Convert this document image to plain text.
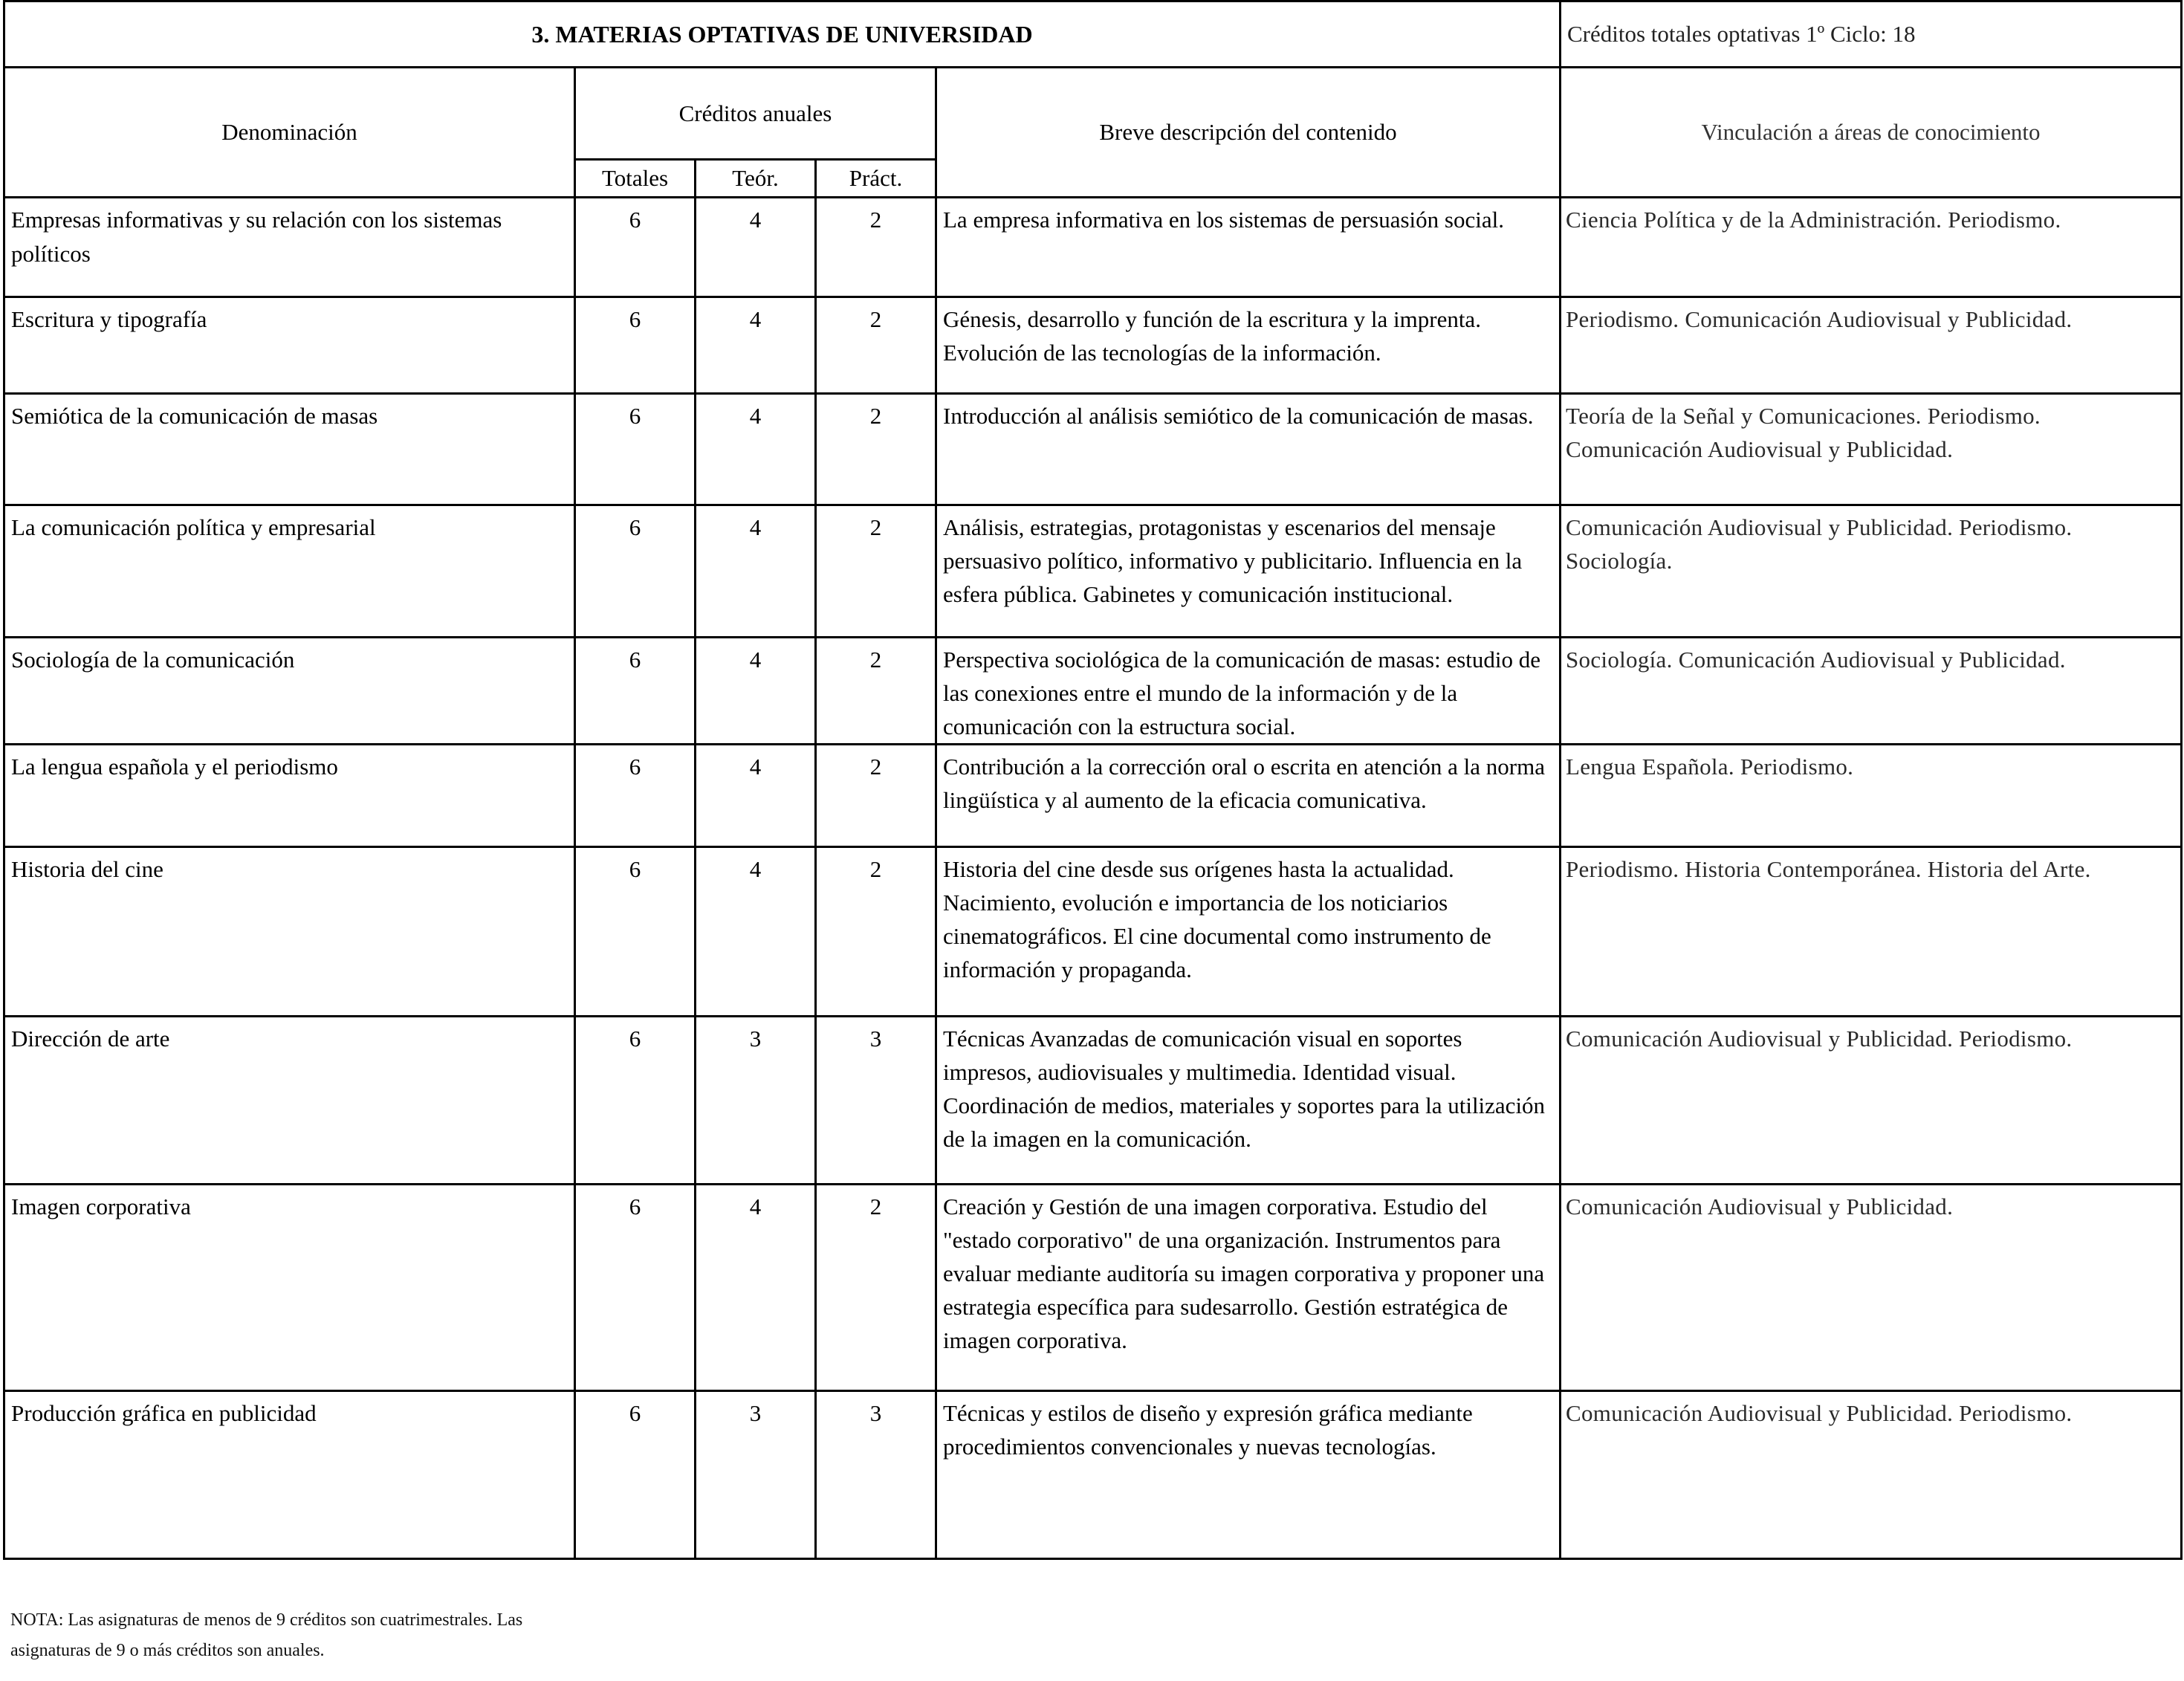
3. MATERIAS OPTATIVAS DE UNIVERSIDAD					Créditos totales optativas 1º Ciclo: 18
Denominación	Créditos anuales			Breve descripción del contenido	Vinculación a áreas de conocimiento
	Totales	Teór.	Práct.		
Empresas informativas y su relación con los sistemas políticos	6	4	2	La empresa informativa en los sistemas de persuasión social.	Ciencia Política y de la Administración. Periodismo.
Escritura y tipografía	6	4	2	Génesis, desarrollo y función de la escritura y la imprenta. Evolución de las tecnologías de la información.	Periodismo. Comunicación Audiovisual y Publicidad.
Semiótica de la comunicación de masas	6	4	2	Introducción al análisis semiótico de la comunicación de masas.	Teoría de la Señal y Comunicaciones. Periodismo. Comunicación Audiovisual y Publicidad.
La comunicación política y empresarial	6	4	2	Análisis, estrategias, protagonistas y escenarios del mensaje persuasivo político, informativo y publicitario. Influencia en la esfera pública. Gabinetes y comunicación institucional.	Comunicación Audiovisual y Publicidad. Periodismo. Sociología.
Sociología de la comunicación	6	4	2	Perspectiva sociológica de la comunicación de masas: estudio de las conexiones entre el mundo de la información y de la comunicación con la estructura social.	Sociología. Comunicación Audiovisual y Publicidad.
La lengua española y el periodismo	6	4	2	Contribución a la corrección oral o escrita en atención a la norma lingüística y al aumento de la eficacia comunicativa.	Lengua Española. Periodismo.
Historia del cine	6	4	2	Historia del cine desde sus orígenes hasta la actualidad. Nacimiento, evolución e importancia de los noticiarios cinematográficos. El cine documental como instrumento de información y propaganda.	Periodismo. Historia Contemporánea. Historia del Arte.
Dirección de arte	6	3	3	Técnicas Avanzadas de comunicación visual en soportes impresos, audiovisuales y multimedia. Identidad visual. Coordinación de medios, materiales y soportes para la utilización de la imagen en la comunicación.	Comunicación Audiovisual y Publicidad. Periodismo.
Imagen corporativa	6	4	2	Creación y Gestión de una imagen corporativa. Estudio del "estado corporativo" de una organización. Instrumentos para evaluar mediante auditoría su imagen corporativa y proponer una estrategia específica para sudesarrollo. Gestión estratégica de imagen corporativa.	Comunicación Audiovisual y Publicidad.
Producción gráfica en publicidad	6	3	3	Técnicas y estilos de diseño y expresión gráfica mediante procedimientos convencionales y nuevas tecnologías.	Comunicación Audiovisual y Publicidad. Periodismo.
NOTA: Las asignaturas de menos de 9 créditos son cuatrimestrales. Las asignaturas de 9 o más créditos son anuales.
